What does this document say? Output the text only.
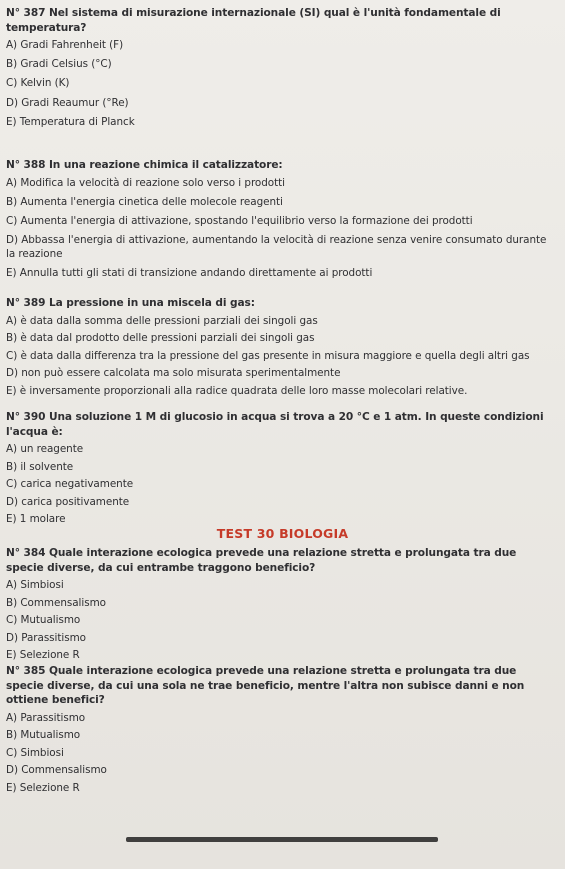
N° 387 Nel sistema di misurazione internazionale (SI) qual è l'unità fondamentale di temperatura?
A) Gradi Fahrenheit (F)
B) Gradi Celsius (°C)
C) Kelvin (K)
D) Gradi Reaumur (°Re)
E) Temperatura di Planck
N° 388 In una reazione chimica il catalizzatore:
A) Modifica la velocità di reazione solo verso i prodotti
B) Aumenta l'energia cinetica delle molecole reagenti
C) Aumenta l'energia di attivazione, spostando l'equilibrio verso la formazione dei prodotti
D) Abbassa l'energia di attivazione, aumentando la velocità di reazione senza venire consumato durante la reazione
E) Annulla tutti gli stati di transizione andando direttamente ai prodotti
N° 389 La pressione in una miscela di gas:
A) è data dalla somma delle pressioni parziali dei singoli gas
B) è data dal prodotto delle pressioni parziali dei singoli gas
C) è data dalla differenza tra la pressione del gas presente in misura maggiore e quella degli altri gas
D) non può essere calcolata ma solo misurata sperimentalmente
E) è inversamente proporzionali alla radice quadrata delle loro masse molecolari relative.
N° 390 Una soluzione 1 M di glucosio in acqua si trova a 20 °C e 1 atm. In queste condizioni l'acqua è:
A) un reagente
B) il solvente
C) carica negativamente
D) carica positivamente
E) 1 molare
TEST 30 BIOLOGIA
N° 384 Quale interazione ecologica prevede una relazione stretta e prolungata tra due specie diverse, da cui entrambe traggono beneficio?
A) Simbiosi
B) Commensalismo
C) Mutualismo
D) Parassitismo
E) Selezione R
N° 385 Quale interazione ecologica prevede una relazione stretta e prolungata tra due specie diverse, da cui una sola ne trae beneficio, mentre l'altra non subisce danni e non ottiene benefici?
A) Parassitismo
B) Mutualismo
C) Simbiosi
D) Commensalismo
E) Selezione R
